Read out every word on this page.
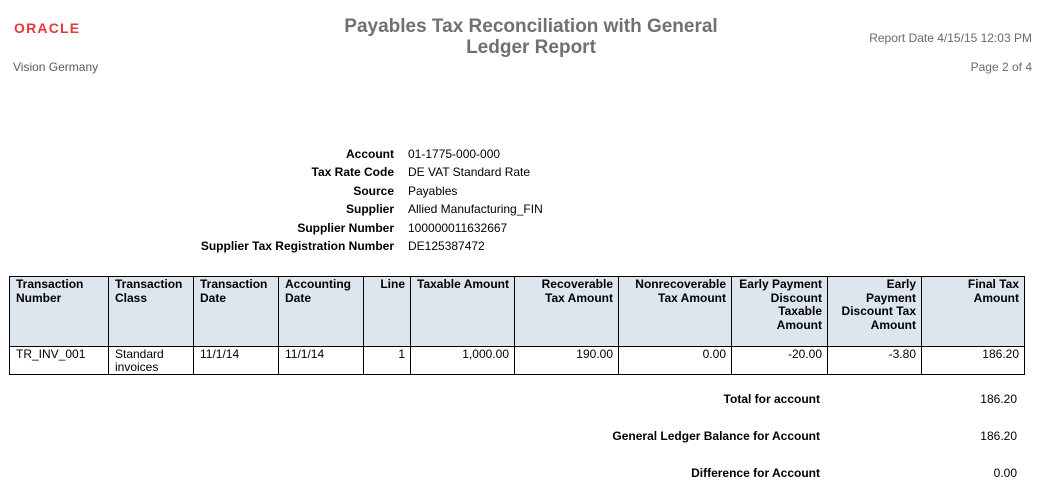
ORACLE
Vision Germany
Payables Tax Reconciliation with General Ledger Report	Report Date 4/15/15 12:03 PM
Page 2 of 4
Account	01-1775-000-000
Tax Rate Code	DE VAT Standard Rate
Source	Payables
Supplier	Allied Manufacturing_FIN
Supplier Number	100000011632667
Supplier Tax Registration Number	DE125387472
Transaction Number	Transaction Class	Transaction Date	Accounting Date	Line	Taxable Amount	Recoverable Tax Amount	Nonrecoverable Tax Amount	Early Payment Discount Taxable Amount	Early Payment Discount Tax Amount	Final Tax Amount
TR_INV_001	Standard invoices	11/1/14	11/1/14	1	1,000.00	190.00	0.00	-20.00	-3.80	186.20
Total for account	186.20
General Ledger Balance for Account	186.20
Difference for Account	0.00
